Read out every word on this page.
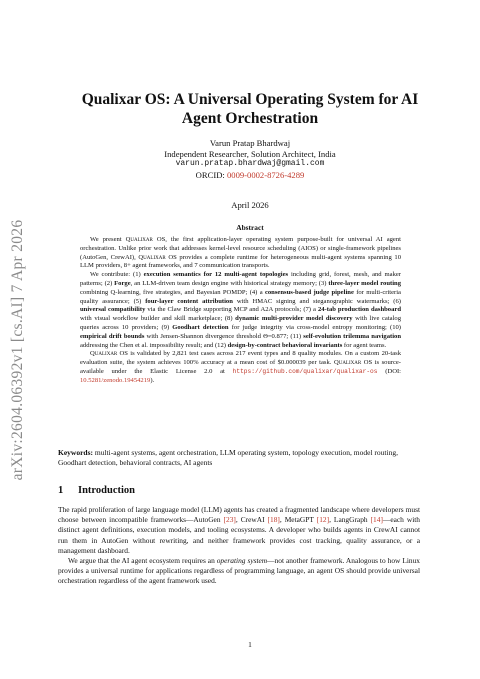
arXiv:2604.06392v1 [cs.AI] 7 Apr 2026
Qualixar OS: A Universal Operating System for AI
Agent Orchestration
Varun Pratap Bhardwaj
Independent Researcher, Solution Architect, India
varun.pratap.bhardwaj@gmail.com
ORCID: 0009-0002-8726-4289
April 2026
Abstract

We present Qualixar OS, the first application-layer operating system purpose-built for universal AI agent orchestration. Unlike prior work that addresses kernel-level resource scheduling (AIOS) or single-framework pipelines (AutoGen, CrewAI), Qualixar OS provides a complete runtime for heterogeneous multi-agent systems spanning 10 LLM providers, 8+ agent frameworks, and 7 communication transports.

We contribute: (1) execution semantics for 12 multi-agent topologies including grid, forest, mesh, and maker patterns; (2) Forge, an LLM-driven team design engine with historical strategy memory; (3) three-layer model routing combining Q-learning, five strategies, and Bayesian POMDP; (4) a consensus-based judge pipeline for multi-criteria quality assurance; (5) four-layer content attribution with HMAC signing and steganographic watermarks; (6) universal compatibility via the Claw Bridge supporting MCP and A2A protocols; (7) a 24-tab production dashboard with visual workflow builder and skill marketplace; (8) dynamic multi-provider model discovery with live catalog queries across 10 providers; (9) Goodhart detection for judge integrity via cross-model entropy monitoring; (10) empirical drift bounds with Jensen-Shannon divergence threshold Θ=0.877; (11) self-evolution trilemma navigation addressing the Chen et al. impossibility result; and (12) design-by-contract behavioral invariants for agent teams.

Qualixar OS is validated by 2,821 test cases across 217 event types and 8 quality modules. On a custom 20-task evaluation suite, the system achieves 100% accuracy at a mean cost of $0.000039 per task. Qualixar OS is source-available under the Elastic License 2.0 at https://github.com/qualixar/qualixar-os (DOI: 10.5281/zenodo.19454219).

Keywords: multi-agent systems, agent orchestration, LLM operating system, topology execution, model routing, Goodhart detection, behavioral contracts, AI agents
1 Introduction

The rapid proliferation of large language model (LLM) agents has created a fragmented landscape where developers must choose between incompatible frameworks—AutoGen [23], CrewAI [18], MetaGPT [12], LangGraph [14]—each with distinct agent definitions, execution models, and tooling ecosystems. A developer who builds agents in CrewAI cannot run them in AutoGen without rewriting, and neither framework provides cost tracking, quality assurance, or a management dashboard.

We argue that the AI agent ecosystem requires an operating system—not another framework. Analogous to how Linux provides a universal runtime for applications regardless of programming language, an agent OS should provide universal orchestration regardless of the agent framework used.

1
